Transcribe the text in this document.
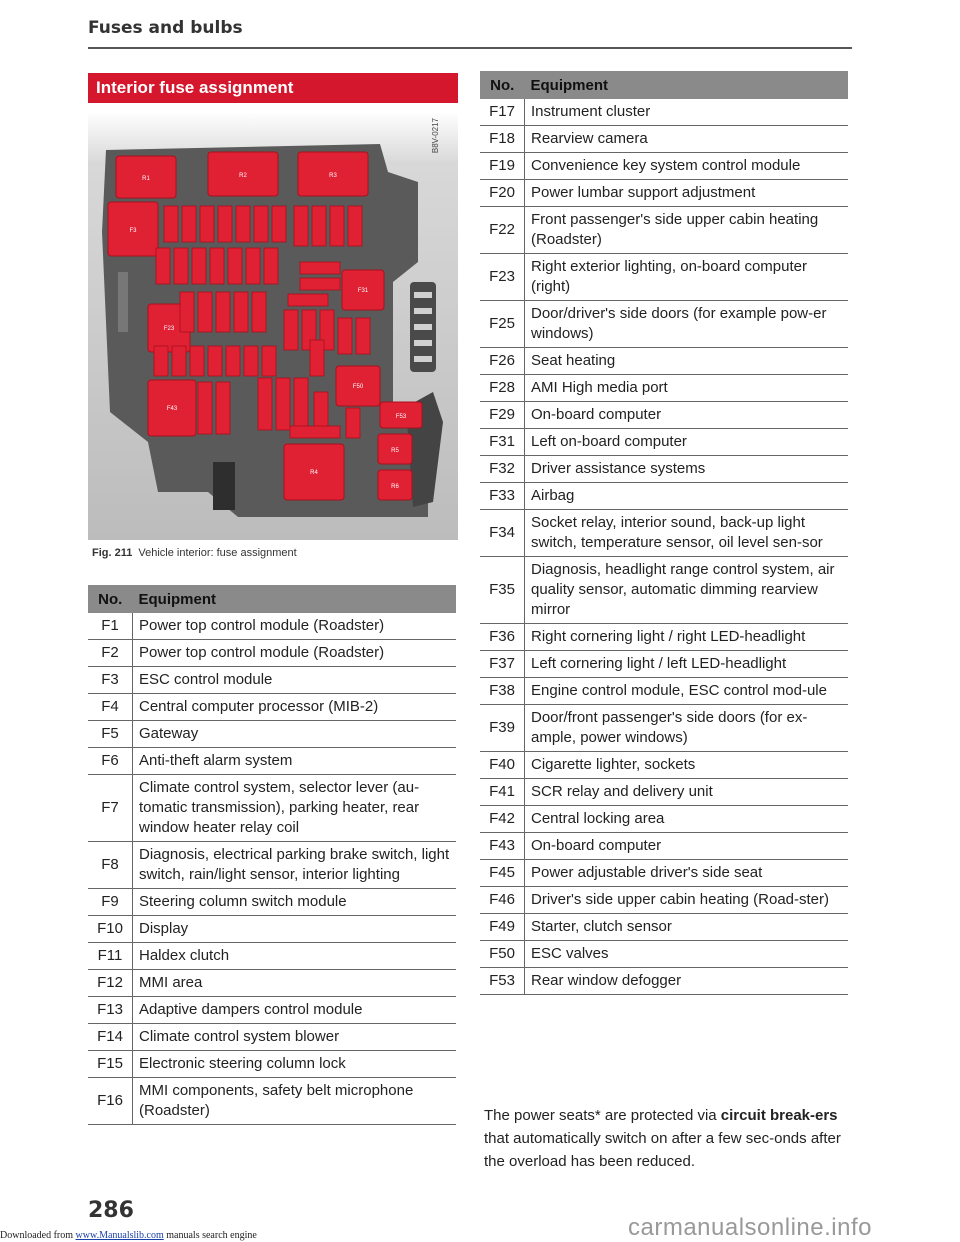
Fuses and bulbs
Interior fuse assignment
R1	R2	R3
F3
F31
F23
F43
F50
R4
R5
R6
F53
B8V-0217
Fig. 211 Vehicle interior: fuse assignment
No.	Equipment
F1	Power top control module (Roadster)
F2	Power top control module (Roadster)
F3	ESC control module
F4	Central computer processor (MIB-2)
F5	Gateway
F6	Anti-theft alarm system
F7	Climate control system, selector lever (au-tomatic transmission), parking heater, rear window heater relay coil
F8	Diagnosis, electrical parking brake switch, light switch, rain/light sensor, interior lighting
F9	Steering column switch module
F10	Display
F11	Haldex clutch
F12	MMI area
F13	Adaptive dampers control module
F14	Climate control system blower
F15	Electronic steering column lock
F16	MMI components, safety belt microphone (Roadster)
No.	Equipment
F17	Instrument cluster
F18	Rearview camera
F19	Convenience key system control module
F20	Power lumbar support adjustment
F22	Front passenger's side upper cabin heating (Roadster)
F23	Right exterior lighting, on-board computer (right)
F25	Door/driver's side doors (for example pow-er windows)
F26	Seat heating
F28	AMI High media port
F29	On-board computer
F31	Left on-board computer
F32	Driver assistance systems
F33	Airbag
F34	Socket relay, interior sound, back-up light switch, temperature sensor, oil level sen-sor
F35	Diagnosis, headlight range control system, air quality sensor, automatic dimming rearview mirror
F36	Right cornering light / right LED-headlight
F37	Left cornering light / left LED-headlight
F38	Engine control module, ESC control mod-ule
F39	Door/front passenger's side doors (for ex-ample, power windows)
F40	Cigarette lighter, sockets
F41	SCR relay and delivery unit
F42	Central locking area
F43	On-board computer
F45	Power adjustable driver's side seat
F46	Driver's side upper cabin heating (Road-ster)
F49	Starter, clutch sensor
F50	ESC valves
F53	Rear window defogger
The power seats* are protected via circuit break-ers that automatically switch on after a few sec-onds after the overload has been reduced.
286
Downloaded from www.Manualslib.com manuals search engine	carmanualsonline.info
